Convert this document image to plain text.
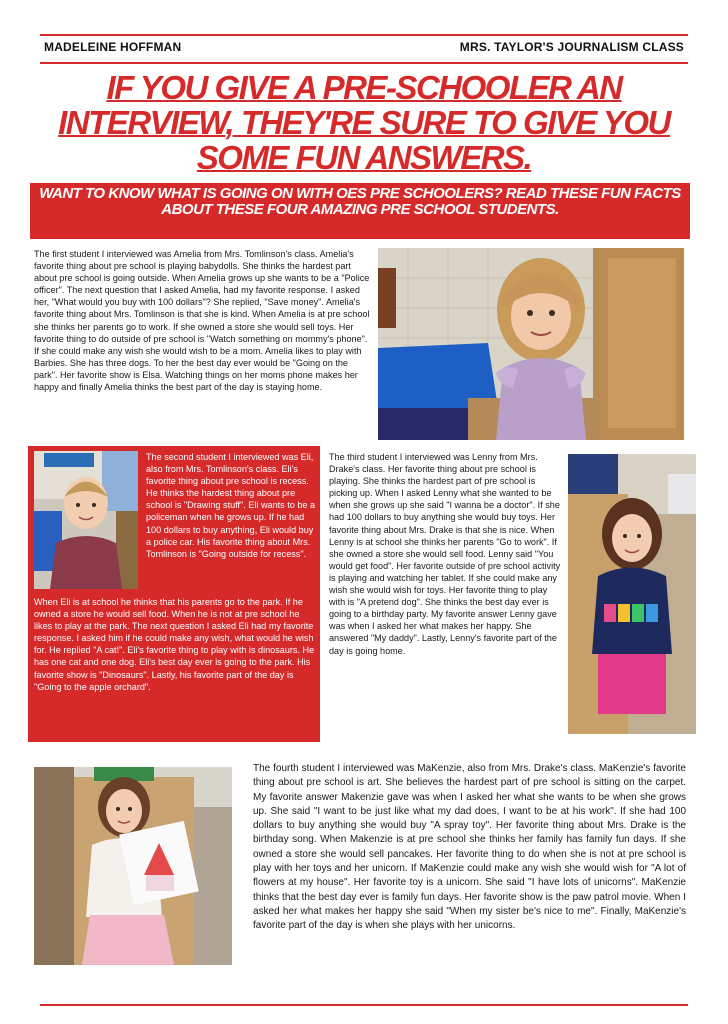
MADELEINE HOFFMAN	MRS. TAYLOR'S JOURNALISM CLASS
IF YOU GIVE A PRE-SCHOOLER AN INTERVIEW, THEY'RE SURE TO GIVE YOU SOME FUN ANSWERS.
WANT TO KNOW WHAT IS GOING ON WITH OES PRE SCHOOLERS? READ THESE FUN FACTS ABOUT THESE FOUR AMAZING PRE SCHOOL STUDENTS.
The first student I interviewed was Amelia from Mrs. Tomlinson's class. Amelia's favorite thing about pre school is playing babydolls. She thinks the hardest part about pre school is going outside. When Amelia grows up she wants to be a "Police officer". The next question that I asked Amelia, had my favorite response. I asked her, "What would you buy with 100 dollars"? She replied, "Save money". Amelia's favorite thing about Mrs. Tomlinson is that she is kind. When Amelia is at pre school she thinks her parents go to work. If she owned a store she would sell toys. Her favorite thing to do outside of pre school is "Watch something on mommy's phone". If she could make any wish she would wish to be a mom. Amelia likes to play with Barbies. She has three dogs. To her the best day ever would be "Going on the park". Her favorite show is Elsa. Watching things on her moms phone makes her happy and finally Amelia thinks the best part of the day is staying home.
The second student I interviewed was Eli, also from Mrs. Tomlinson's class. Eli's favorite thing about pre school is recess. He thinks the hardest thing about pre school is "Drawing stuff". Eli wants to be a policeman when he grows up. If he had 100 dollars to buy anything, Eli would buy a police car. His favorite thing about Mrs. Tomlinson is "Going outside for recess".
When Eli is at school he thinks that his parents go to the park. If he owned a store he would sell food. When he is not at pre school he likes to play at the park. The next question I asked Eli had my favorite response. I asked him if he could make any wish, what would he wish for. He replied "A cat!". Eli's favorite thing to play with is dinosaurs. He has one cat and one dog. Eli's best day ever is going to the park. His favorite show is "Dinosaurs". Lastly, his favorite part of the day is "Going to the apple orchard".
The third student I interviewed was Lenny from Mrs. Drake's class. Her favorite thing about pre school is playing. She thinks the hardest part of pre school is picking up. When I asked Lenny what she wanted to be when she grows up she said "I wanna be a doctor". If she had 100 dollars to buy anything she would buy toys. Her favorite thing about Mrs. Drake is that she is nice. When Lenny is at school she thinks her parents "Go to work". If she owned a store she would sell food. Lenny said "You would get food". Her favorite outside of pre school activity is playing and watching her tablet. If she could make any wish she would wish for toys. Her favorite thing to play with is "A pretend dog". She thinks the best day ever is going to a birthday party. My favorite answer Lenny gave was when I asked her what makes her happy. She answered "My daddy". Lastly, Lenny's favorite part of the day is going home.
The fourth student I interviewed was MaKenzie, also from Mrs. Drake's class. MaKenzie's favorite thing about pre school is art. She believes the hardest part of pre school is sitting on the carpet. My favorite answer Makenzie gave was when I asked her what she wants to be when she grows up. She said "I want to be just like what my dad does, I want to be at his work". If she had 100 dollars to buy anything she would buy "A spray toy". Her favorite thing about Mrs. Drake is the birthday song. When Makenzie is at pre school she thinks her family has family fun days. If she owned a store she would sell pancakes. Her favorite thing to do when she is not at pre school is play with her toys and her unicorn. If MaKenzie could make any wish she would wish for "A lot of flowers at my house". Her favorite toy is a unicorn. She said "I have lots of unicorns". MaKenzie thinks that the best day ever is family fun days. Her favorite show is the paw patrol movie. When I asked her what makes her happy she said "When my sister be's nice to me". Finally, MaKenzie's favorite part of the day is when she plays with her unicorns.
